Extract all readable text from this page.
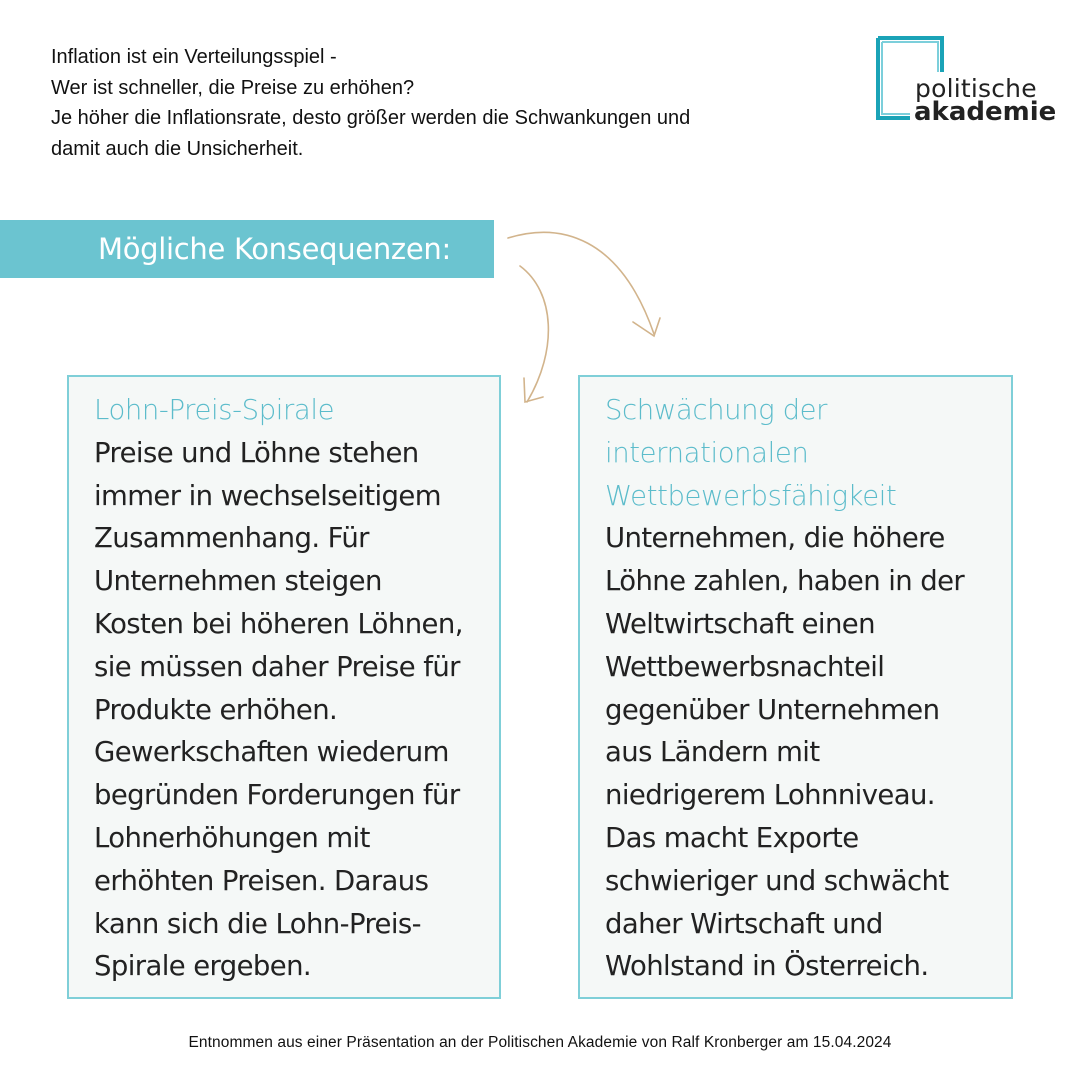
Inflation ist ein Verteilungsspiel -
Wer ist schneller, die Preise zu erhöhen?
Je höher die Inflationsrate, desto größer werden die Schwankungen und
damit auch die Unsicherheit.
politische
akademie
Mögliche Konsequenzen:
Lohn-Preis-Spirale
Preise und Löhne stehen
immer in wechselseitigem
Zusammenhang. Für
Unternehmen steigen
Kosten bei höheren Löhnen,
sie müssen daher Preise für
Produkte erhöhen.
Gewerkschaften wiederum
begründen Forderungen für
Lohnerhöhungen mit
erhöhten Preisen. Daraus
kann sich die Lohn-Preis-
Spirale ergeben.
Schwächung der
internationalen
Wettbewerbsfähigkeit
Unternehmen, die höhere
Löhne zahlen, haben in der
Weltwirtschaft einen
Wettbewerbsnachteil
gegenüber Unternehmen
aus Ländern mit
niedrigerem Lohnniveau.
Das macht Exporte
schwieriger und schwächt
daher Wirtschaft und
Wohlstand in Österreich.
Entnommen aus einer Präsentation an der Politischen Akademie von Ralf Kronberger am 15.04.2024
